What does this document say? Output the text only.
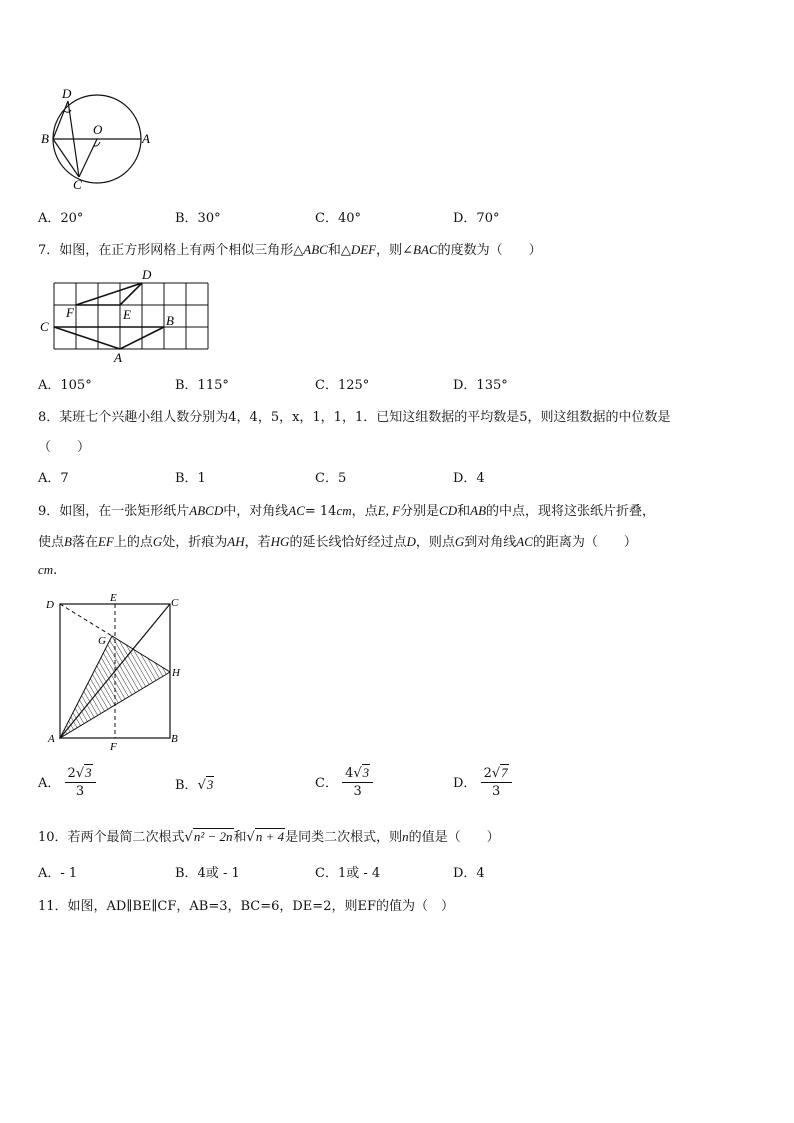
D
B
O
A
C
A．20°	B．30°	C．40°	D．70°
7．如图，在正方形网格上有两个相似三角形△ABC和△DEF，则∠BAC的度数为（　　）
D
F	E
C	B
A
A．105°	B．115°	C．125°	D．135°
8．某班七个兴趣小组人数分别为4，4，5，x，1，1，1．已知这组数据的平均数是5，则这组数据的中位数是
（　　）
A．7	B．1	C．5	D．4
9．如图，在一张矩形纸片ABCD中，对角线AC= 14cm，点E, F分别是CD和AB的中点，现将这张纸片折叠，
使点B落在EF上的点G处，折痕为AH，若HG的延长线恰好经过点D，则点G到对角线AC的距离为（　　）
cm.
D
E	C
G
H
A
F
B
A． $\frac{2√3}{3}$	B．√3	C． $\frac{4√3}{3}$	D． $\frac{2√7}{3}$
10．若两个最简二次根式√n² − 2n和√n + 4是同类二次根式，则n的值是（　　）
A．- 1	B．4或 - 1	C．1或 - 4	D．4
11．如图，AD∥BE∥CF，AB=3，BC=6，DE=2，则EF的值为（　）
